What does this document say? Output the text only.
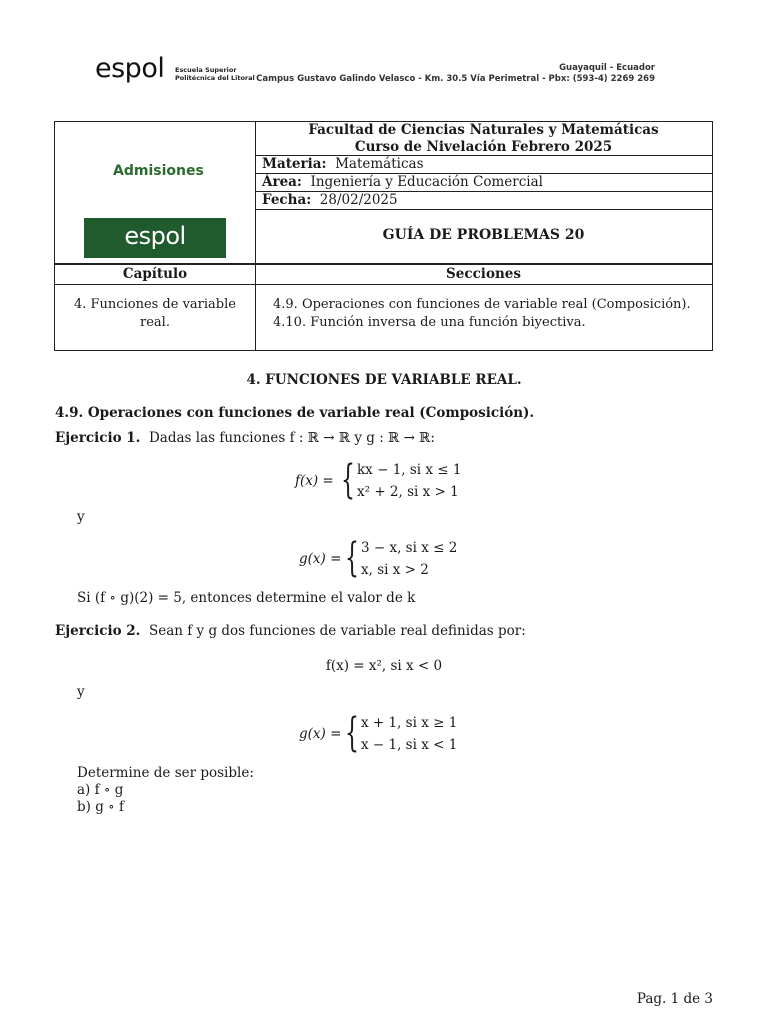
espol Escuela Superior
Politécnica del Litoral
Guayaquil - Ecuador
Campus Gustavo Galindo Velasco - Km. 30.5 Vía Perimetral - Pbx: (593-4) 2269 269
Admisiones
espol
Facultad de Ciencias Naturales y Matemáticas
Curso de Nivelación Febrero 2025
Materia: Matemáticas
Área: Ingeniería y Educación Comercial
Fecha: 28/02/2025
GUÍA DE PROBLEMAS 20
Capítulo	Secciones
4. Funciones de variable real.
4.9. Operaciones con funciones de variable real (Composición).
4.10. Función inversa de una función biyectiva.
4. FUNCIONES DE VARIABLE REAL.
4.9. Operaciones con funciones de variable real (Composición).
Ejercicio 1. Dadas las funciones f : ℝ → ℝ y g : ℝ → ℝ:
f(x) = { kx − 1, si x ≤ 1
x² + 2, si x > 1
y
g(x) = { 3 − x, si x ≤ 2
x, si x > 2
Si (f ∘ g)(2) = 5, entonces determine el valor de k
Ejercicio 2. Sean f y g dos funciones de variable real definidas por:
f(x) = x², si x < 0
y
g(x) = { x + 1, si x ≥ 1
x − 1, si x < 1
Determine de ser posible:
a) f ∘ g
b) g ∘ f
Pag. 1 de 3
